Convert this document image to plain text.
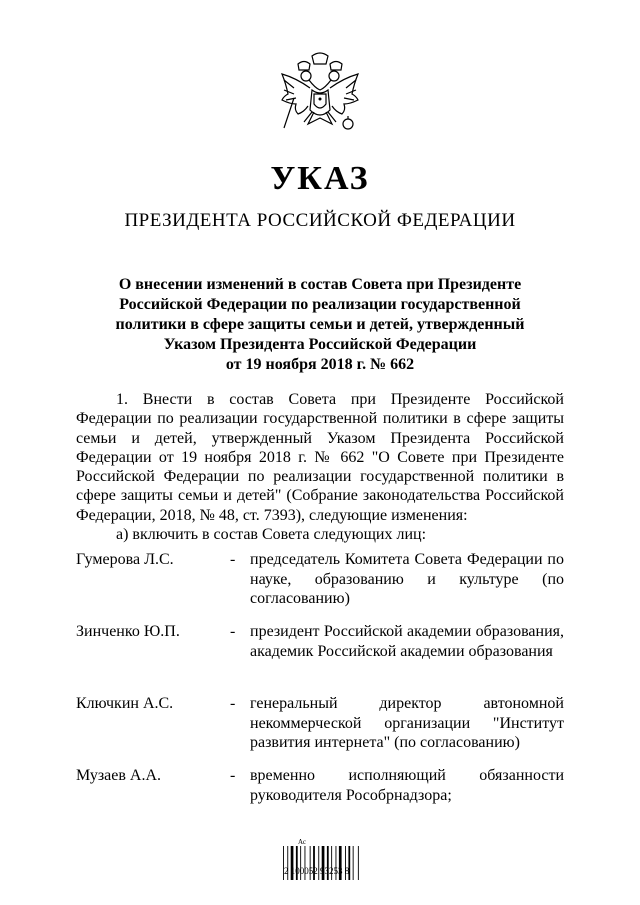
УКАЗ
ПРЕЗИДЕНТА РОССИЙСКОЙ ФЕДЕРАЦИИ
О внесении изменений в состав Совета при Президенте
Российской Федерации по реализации государственной
политики в сфере защиты семьи и детей, утвержденный
Указом Президента Российской Федерации
от 19 ноября 2018 г. № 662
1. Внести в состав Совета при Президенте Российской Федерации по реализации государственной политики в сфере защиты семьи и детей, утвержденный Указом Президента Российской Федерации от 19 ноября 2018 г. № 662 "О Совете при Президенте Российской Федерации по реализации государственной политики в сфере защиты семьи и детей" (Собрание законодательства Российской Федерации, 2018, № 48, ст. 7393), следующие изменения:
а) включить в состав Совета следующих лиц:
Гумерова Л.С.	- председатель Комитета Совета Федерации по науке, образованию и культуре (по согласованию)
Зинченко Ю.П.	- президент Российской академии образования, академик Российской академии образования
Ключкин А.С.	- генеральный директор автономной некоммерческой организации "Институт развития интернета" (по согласованию)
Музаев А.А.	- временно исполняющий обязанности руководителя Рособрнадзора;
Ас
2 100052 93253 8
